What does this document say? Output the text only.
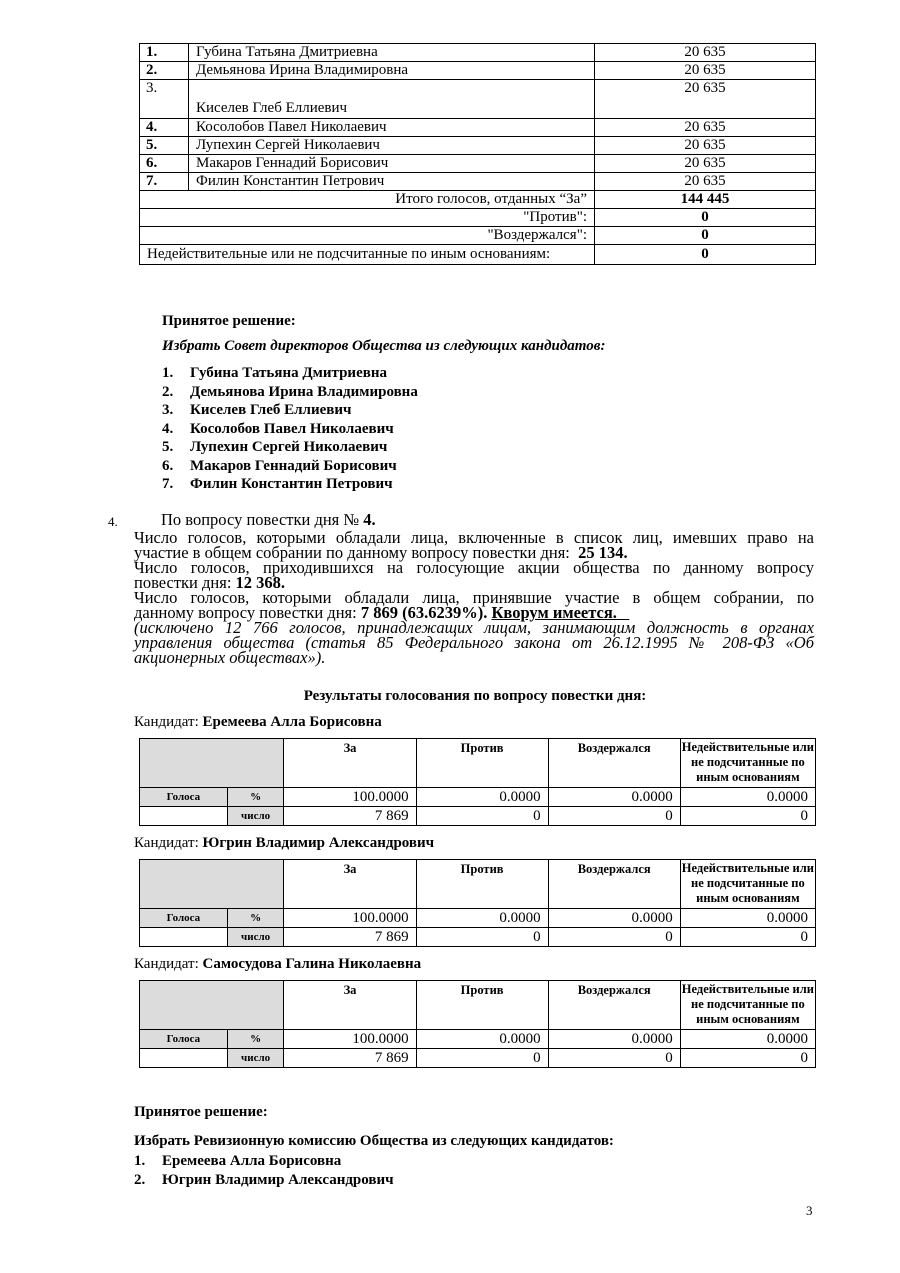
1.	Губина Татьяна Дмитриевна	20 635
2.	Демьянова Ирина Владимировна	20 635
3.	Киселев Глеб Еллиевич	20 635
4.	Косолобов Павел Николаевич	20 635
5.	Лупехин Сергей Николаевич	20 635
6.	Макаров Геннадий Борисович	20 635
7.	Филин Константин Петрович	20 635
Итого голосов, отданных “За”		144 445
"Против":		0
"Воздержался":		0
Недействительные или не подсчитанные по иным основаниям:		0
Принятое решение:
Избрать Совет директоров Общества из следующих кандидатов:
1. Губина Татьяна Дмитриевна
2. Демьянова Ирина Владимировна
3. Киселев Глеб Еллиевич
4. Косолобов Павел Николаевич
5. Лупехин Сергей Николаевич
6. Макаров Геннадий Борисович
7. Филин Константин Петрович
4.	По вопросу повестки дня № 4.
Число голосов, которыми обладали лица, включенные в список лиц, имевших право на
участие в общем собрании по данному вопросу повестки дня: 25 134.
Число голосов, приходившихся на голосующие акции общества по данному вопросу
повестки дня: 12 368.
Число голосов, которыми обладали лица, принявшие участие в общем собрании, по
данному вопросу повестки дня: 7 869 (63.6239%). Кворум имеется.
(исключено 12 766 голосов, принадлежащих лицам, занимающим должность в органах
управления общества (статья 85 Федерального закона от 26.12.1995 № 208-ФЗ «Об
акционерных обществах»).
Результаты голосования по вопросу повестки дня:
Кандидат: Еремеева Алла Борисовна
		За	Против	Воздержался	Недействительные или не подсчитанные по иным основаниям
Голоса	%	100.0000	0.0000	0.0000	0.0000
	число	7 869	0	0	0
Кандидат: Югрин Владимир Александрович
		За	Против	Воздержался	Недействительные или не подсчитанные по иным основаниям
Голоса	%	100.0000	0.0000	0.0000	0.0000
	число	7 869	0	0	0
Кандидат: Самосудова Галина Николаевна
		За	Против	Воздержался	Недействительные или не подсчитанные по иным основаниям
Голоса	%	100.0000	0.0000	0.0000	0.0000
	число	7 869	0	0	0
Принятое решение:
Избрать Ревизионную комиссию Общества из следующих кандидатов:
1. Еремеева Алла Борисовна
2. Югрин Владимир Александрович
3
